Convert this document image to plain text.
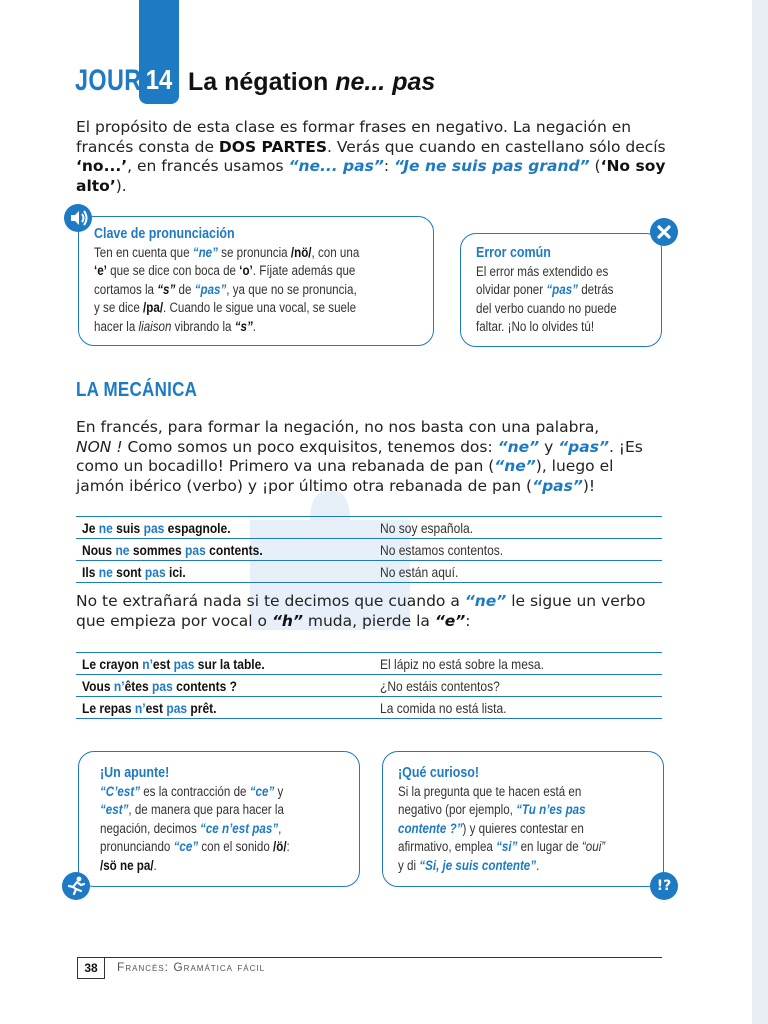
JOUR 14 La négation ne... pas
El propósito de esta clase es formar frases en negativo. La negación en francés consta de DOS PARTES. Verás que cuando en castellano sólo decís ‘no...’, en francés usamos “ne... pas”: “Je ne suis pas grand” (‘No soy alto’).
Clave de pronunciación
Ten en cuenta que “ne” se pronuncia /nö/, con una
‘e’ que se dice con boca de ‘o’. Fíjate además que
cortamos la “s” de “pas”, ya que no se pronuncia,
y se dice /pa/. Cuando le sigue una vocal, se suele
hacer la liaison vibrando la “s”.
Error común
El error más extendido es
olvidar poner “pas” detrás
del verbo cuando no puede
faltar. ¡No lo olvides tú!
LA MECÁNICA
En francés, para formar la negación, no nos basta con una palabra,
NON ! Como somos un poco exquisitos, tenemos dos: “ne” y “pas”. ¡Es
como un bocadillo! Primero va una rebanada de pan (“ne”), luego el
jamón ibérico (verbo) y ¡por último otra rebanada de pan (“pas”)!
Je ne suis pas espagnole.	No soy española.
Nous ne sommes pas contents.	No estamos contentos.
Ils ne sont pas ici.	No están aquí.
No te extrañará nada si te decimos que cuando a “ne” le sigue un verbo
que empieza por vocal o “h” muda, pierde la “e”:
Le crayon n’est pas sur la table.	El lápiz no está sobre la mesa.
Vous n’êtes pas contents ?	¿No estáis contentos?
Le repas n’est pas prêt.	La comida no está lista.
¡Un apunte!
“C’est” es la contracción de “ce” y
“est”, de manera que para hacer la
negación, decimos “ce n’est pas”,
pronunciando “ce” con el sonido /ö/:
/sö ne pa/.
!?
¡Qué curioso!
Si la pregunta que te hacen está en
negativo (por ejemplo, “Tu n’es pas
contente ?”) y quieres contestar en
afirmativo, emplea “si” en lugar de “oui”
y di “Si, je suis contente”.
38	Francés: Gramática fácil
